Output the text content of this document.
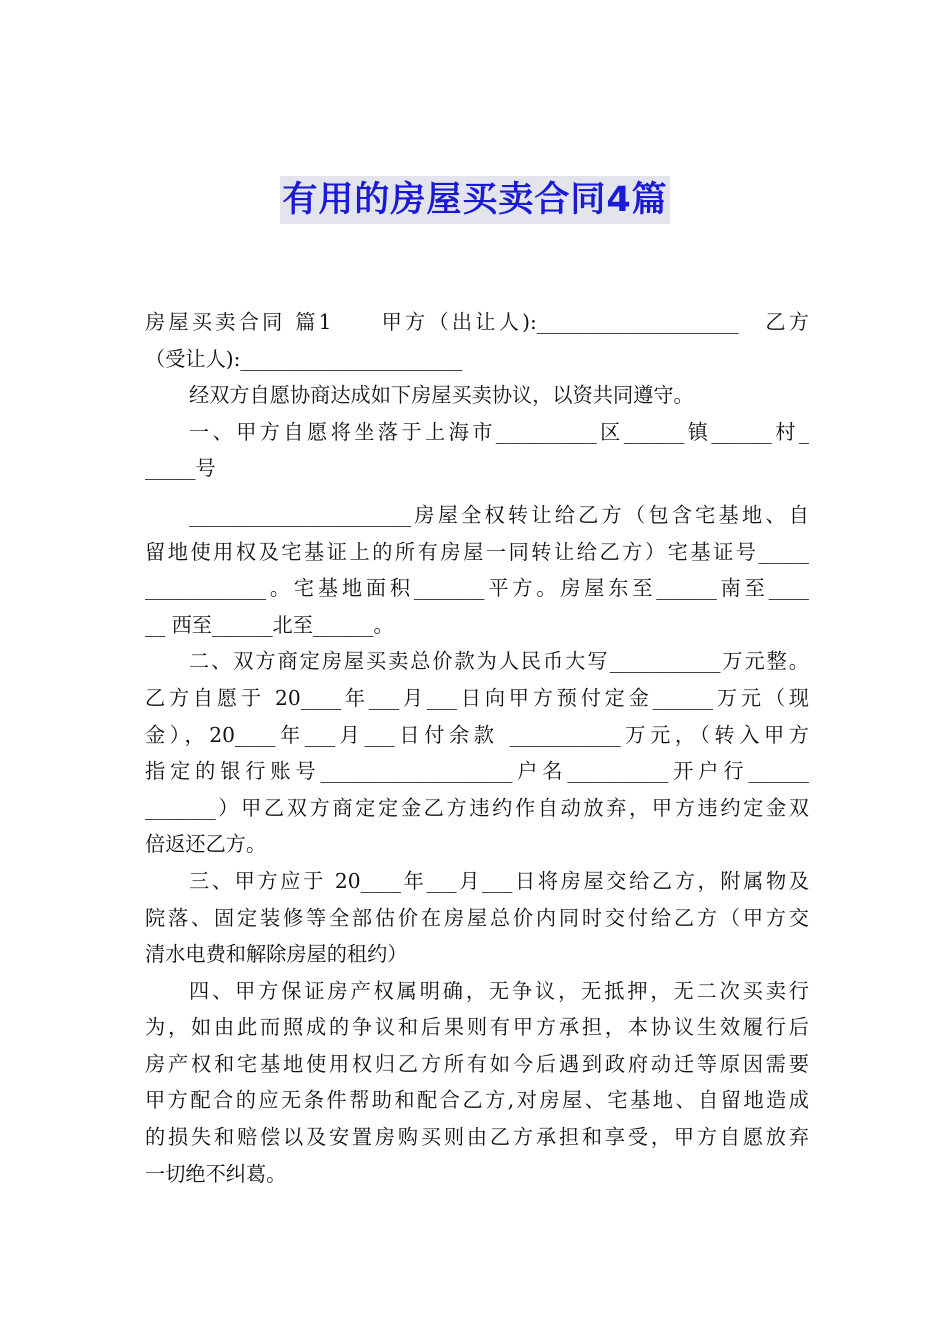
有用的房屋买卖合同4篇
房屋买卖合同 篇1　　甲方（出让人):____________________　乙方
（受让人):______________________
经双方自愿协商达成如下房屋买卖协议，以资共同遵守。
一、甲方自愿将坐落于上海市__________区______镇______村_
_____号
______________________房屋全权转让给乙方（包含宅基地、自
留地使用权及宅基证上的所有房屋一同转让给乙方）宅基证号_____
____________。宅基地面积_______平方。房屋东至______南至____
__ 西至______北至______。
二、双方商定房屋买卖总价款为人民币大写___________万元整。
乙方自愿于 20____年___月___日向甲方预付定金______万元（现
金），20____年___月___日付余款 ___________万元，（转入甲方
指定的银行账号___________________户名__________开户行______
_______）甲乙双方商定定金乙方违约作自动放弃，甲方违约定金双
倍返还乙方。
三、甲方应于 20____年___月___日将房屋交给乙方，附属物及
院落、固定装修等全部估价在房屋总价内同时交付给乙方（甲方交
清水电费和解除房屋的租约）
四、甲方保证房产权属明确，无争议，无抵押，无二次买卖行
为，如由此而照成的争议和后果则有甲方承担，本协议生效履行后
房产权和宅基地使用权归乙方所有如今后遇到政府动迁等原因需要
甲方配合的应无条件帮助和配合乙方,对房屋、宅基地、自留地造成
的损失和赔偿以及安置房购买则由乙方承担和享受，甲方自愿放弃
一切绝不纠葛。
